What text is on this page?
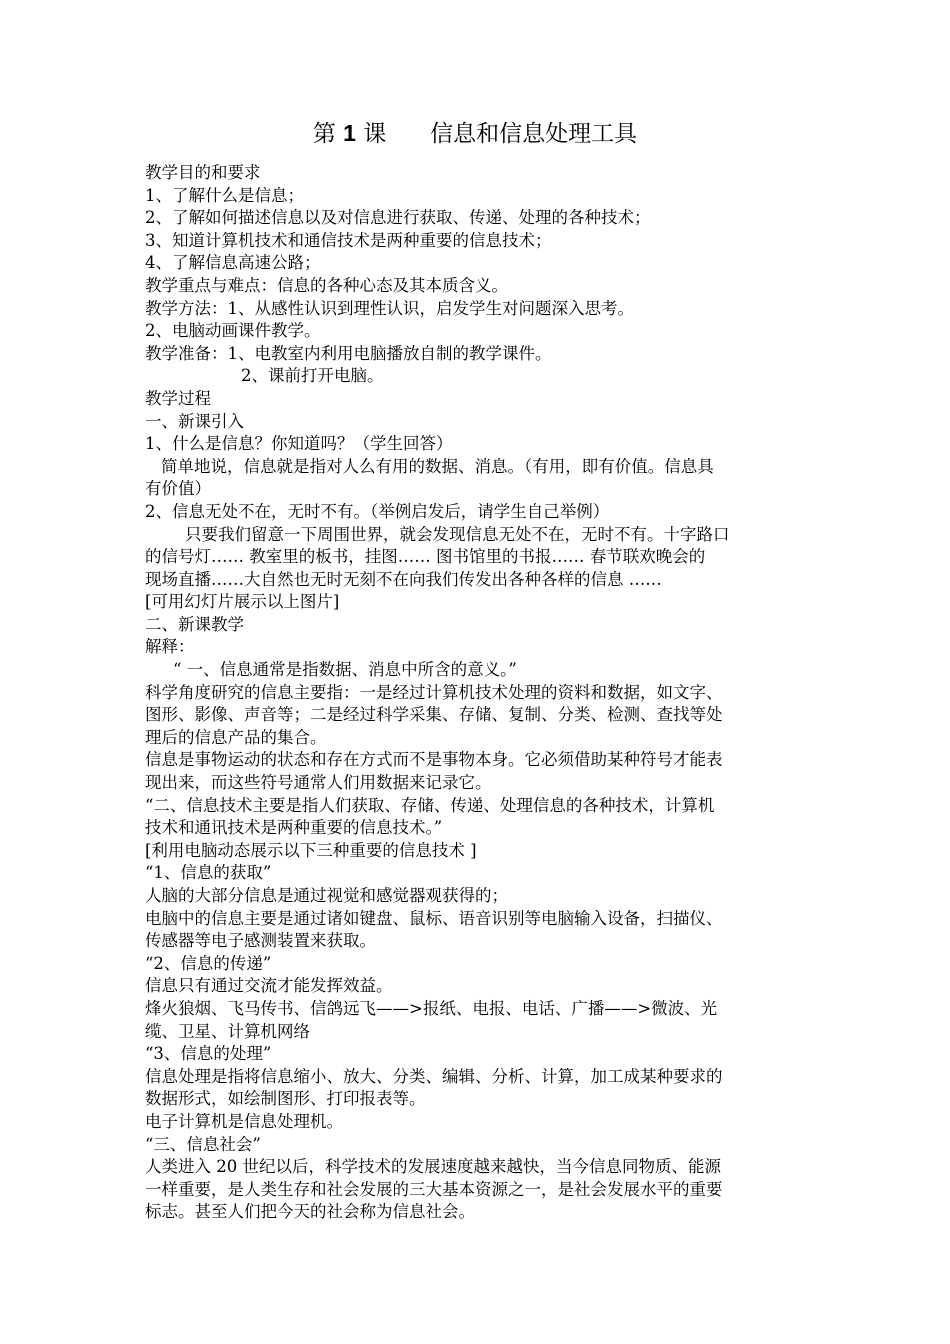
第 1 课      信息和信息处理工具
教学目的和要求
1、了解什么是信息；
2、了解如何描述信息以及对信息进行获取、传递、处理的各种技术；
3、知道计算机技术和通信技术是两种重要的信息技术；
4、了解信息高速公路；
教学重点与难点：信息的各种心态及其本质含义。
教学方法：1、从感性认识到理性认识，启发学生对问题深入思考。
2、电脑动画课件教学。
教学准备：1、电教室内利用电脑播放自制的教学课件。
2、课前打开电脑。
教学过程
一、新课引入
1、什么是信息？你知道吗？（学生回答）
简单地说，信息就是指对人么有用的数据、消息。（有用，即有价值。信息具
有价值）
2、信息无处不在，无时不有。（举例启发后，请学生自己举例）
只要我们留意一下周围世界，就会发现信息无处不在，无时不有。十字路口
的信号灯…… 教室里的板书，挂图…… 图书馆里的书报…… 春节联欢晚会的
现场直播……大自然也无时无刻不在向我们传发出各种各样的信息 ……
[可用幻灯片展示以上图片]
二、新课教学
解释：
“ 一、信息通常是指数据、消息中所含的意义。”
科学角度研究的信息主要指：一是经过计算机技术处理的资料和数据，如文字、
图形、影像、声音等；二是经过科学采集、存储、复制、分类、检测、查找等处
理后的信息产品的集合。
信息是事物运动的状态和存在方式而不是事物本身。它必须借助某种符号才能表
现出来，而这些符号通常人们用数据来记录它。
“二、信息技术主要是指人们获取、存储、传递、处理信息的各种技术，计算机
技术和通讯技术是两种重要的信息技术。”
[利用电脑动态展示以下三种重要的信息技术 ]
“1、信息的获取”
人脑的大部分信息是通过视觉和感觉器观获得的；
电脑中的信息主要是通过诸如键盘、鼠标、语音识别等电脑输入设备，扫描仪、
传感器等电子感测装置来获取。
“2、信息的传递”
信息只有通过交流才能发挥效益。
烽火狼烟、飞马传书、信鸽远飞——>报纸、电报、电话、广播——>微波、光
缆、卫星、计算机网络
“3、信息的处理”
信息处理是指将信息缩小、放大、分类、编辑、分析、计算，加工成某种要求的
数据形式，如绘制图形、打印报表等。
电子计算机是信息处理机。
“三、信息社会”
人类进入 20 世纪以后，科学技术的发展速度越来越快，当今信息同物质、能源
一样重要，是人类生存和社会发展的三大基本资源之一，是社会发展水平的重要
标志。甚至人们把今天的社会称为信息社会。
